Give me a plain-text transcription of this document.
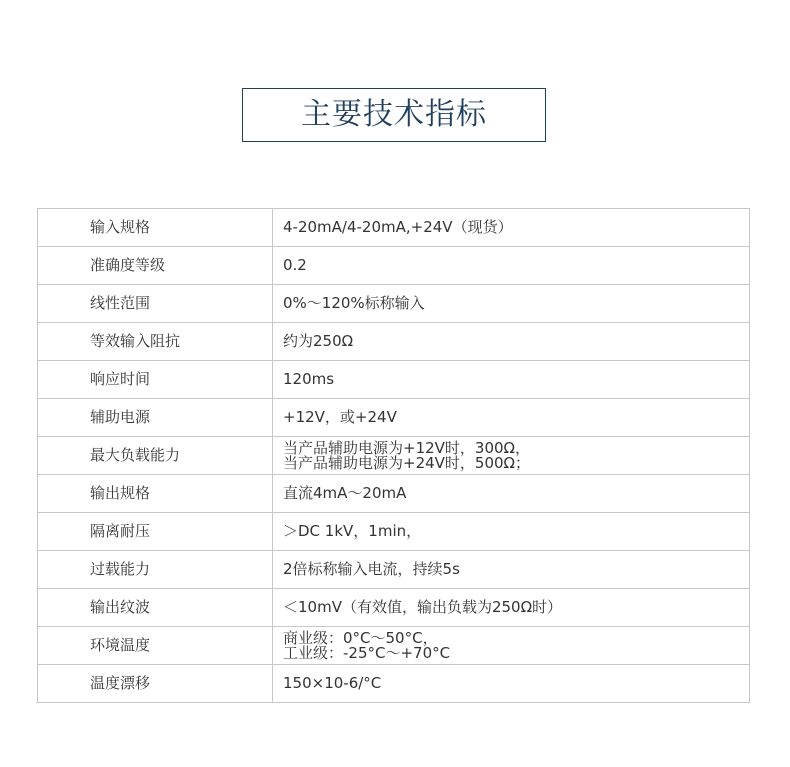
主要技术指标
输入规格	4-20mA/4-20mA,+24V（现货）
准确度等级	0.2
线性范围	0%～120%标称输入
等效输入阻抗	约为250Ω
响应时间	120ms
辅助电源	+12V，或+24V
最大负载能力	当产品辅助电源为+12V时，300Ω，
当产品辅助电源为+24V时，500Ω；

输出规格	直流4mA～20mA
隔离耐压	＞DC 1kV，1min，
过载能力	2倍标称输入电流，持续5s
输出纹波	＜10mV（有效值，输出负载为250Ω时）
环境温度	商业级：0°C～50°C，
工业级：-25°C～+70°C

温度漂移	150×10-6/°C
